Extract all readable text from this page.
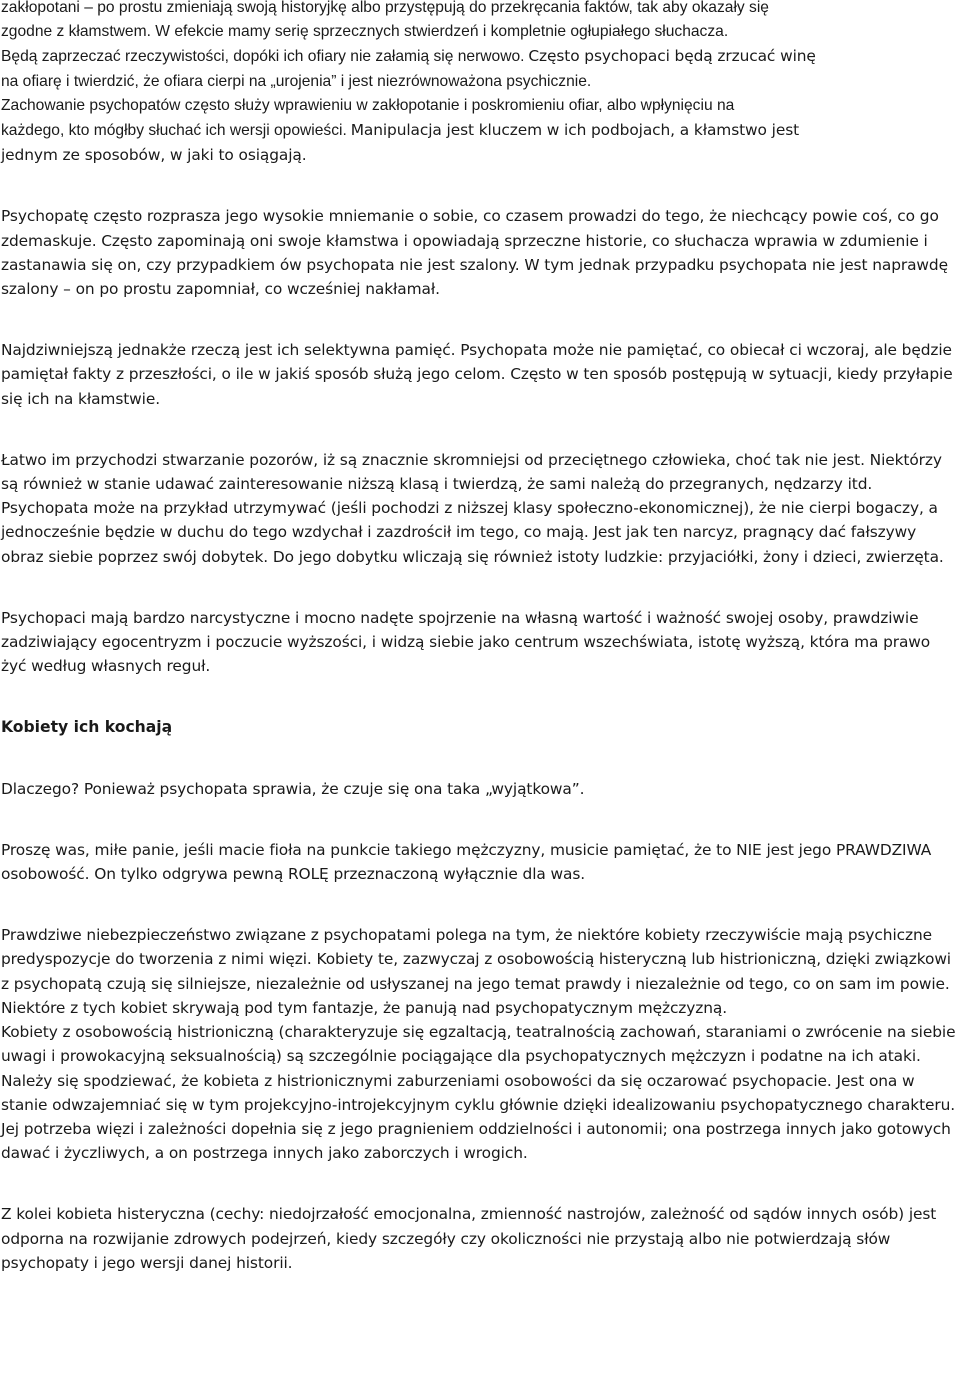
zakłopotani – po prostu zmieniają swoją historyjkę albo przystępują do przekręcania faktów, tak aby okazały się
zgodne z kłamstwem. W efekcie mamy serię sprzecznych stwierdzeń i kompletnie ogłupiałego słuchacza.
Będą zaprzeczać rzeczywistości, dopóki ich ofiary nie załamią się nerwowo. Często psychopaci będą zrzucać winę
na ofiarę i twierdzić, że ofiara cierpi na „urojenia” i jest niezrównoważona psychicznie.
Zachowanie psychopatów często służy wprawieniu w zakłopotanie i poskromieniu ofiar, albo wpłynięciu na
każdego, kto mógłby słuchać ich wersji opowieści. Manipulacja jest kluczem w ich podbojach, a kłamstwo jest
jednym ze sposobów, w jaki to osiągają.

Psychopatę często rozprasza jego wysokie mniemanie o sobie, co czasem prowadzi do tego, że niechcący powie coś, co go zdemaskuje. Często zapominają oni swoje kłamstwa i opowiadają sprzeczne historie, co słuchacza wprawia w zdumienie i zastanawia się on, czy przypadkiem ów psychopata nie jest szalony. W tym jednak przypadku psychopata nie jest naprawdę szalony – on po prostu zapomniał, co wcześniej nakłamał.

Najdziwniejszą jednakże rzeczą jest ich selektywna pamięć. Psychopata może nie pamiętać, co obiecał ci wczoraj, ale będzie pamiętał fakty z przeszłości, o ile w jakiś sposób służą jego celom. Często w ten sposób postępują w sytuacji, kiedy przyłapie się ich na kłamstwie.

Łatwo im przychodzi stwarzanie pozorów, iż są znacznie skromniejsi od przeciętnego człowieka, choć tak nie jest. Niektórzy są również w stanie udawać zainteresowanie niższą klasą i twierdzą, że sami należą do przegranych, nędzarzy itd. Psychopata może na przykład utrzymywać (jeśli pochodzi z niższej klasy społeczno-ekonomicznej), że nie cierpi bogaczy, a jednocześnie będzie w duchu do tego wzdychał i zazdrościł im tego, co mają. Jest jak ten narcyz, pragnący dać fałszywy obraz siebie poprzez swój dobytek. Do jego dobytku wliczają się również istoty ludzkie: przyjaciółki, żony i dzieci, zwierzęta.

Psychopaci mają bardzo narcystyczne i mocno nadęte spojrzenie na własną wartość i ważność swojej osoby, prawdziwie zadziwiający egocentryzm i poczucie wyższości, i widzą siebie jako centrum wszechświata, istotę wyższą, która ma prawo żyć według własnych reguł.

Kobiety ich kochają

Dlaczego? Ponieważ psychopata sprawia, że czuje się ona taka „wyjątkowa”.

Proszę was, miłe panie, jeśli macie fioła na punkcie takiego mężczyzny, musicie pamiętać, że to NIE jest jego PRAWDZIWA osobowość. On tylko odgrywa pewną ROLĘ przeznaczoną wyłącznie dla was.

Prawdziwe niebezpieczeństwo związane z psychopatami polega na tym, że niektóre kobiety rzeczywiście mają psychiczne predyspozycje do tworzenia z nimi więzi. Kobiety te, zazwyczaj z osobowością histeryczną lub histrioniczną, dzięki związkowi z psychopatą czują się silniejsze, niezależnie od usłyszanej na jego temat prawdy i niezależnie od tego, co on sam im powie. Niektóre z tych kobiet skrywają pod tym fantazje, że panują nad psychopatycznym mężczyzną.

Kobiety z osobowością histrioniczną (charakteryzuje się egzaltacją, teatralnością zachowań, staraniami o zwrócenie na siebie uwagi i prowokacyjną seksualnością) są szczególnie pociągające dla psychopatycznych mężczyzn i podatne na ich ataki. Należy się spodziewać, że kobieta z histrionicznymi zaburzeniami osobowości da się oczarować psychopacie. Jest ona w stanie odwzajemniać się w tym projekcyjno-introjekcyjnym cyklu głównie dzięki idealizowaniu psychopatycznego charakteru. Jej potrzeba więzi i zależności dopełnia się z jego pragnieniem oddzielności i autonomii; ona postrzega innych jako gotowych dawać i życzliwych, a on postrzega innych jako zaborczych i wrogich.

Z kolei kobieta histeryczna (cechy: niedojrzałość emocjonalna, zmienność nastrojów, zależność od sądów innych osób) jest odporna na rozwijanie zdrowych podejrzeń, kiedy szczegóły czy okoliczności nie przystają albo nie potwierdzają słów psychopaty i jego wersji danej historii.
